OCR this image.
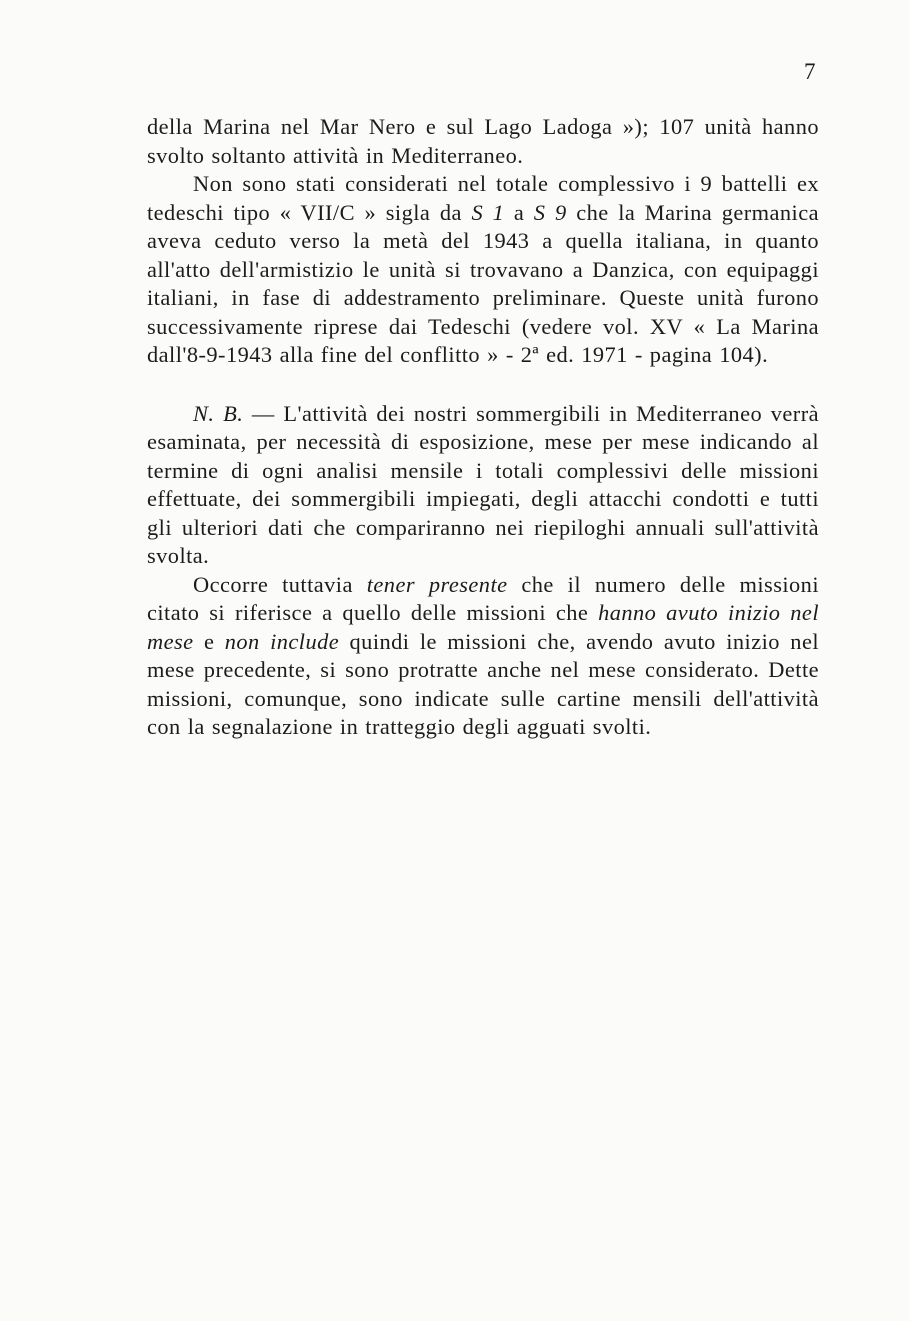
7

della Marina nel Mar Nero e sul Lago Ladoga »); 107 unità hanno svolto soltanto attività in Mediterraneo.

Non sono stati considerati nel totale complessivo i 9 battelli ex tedeschi tipo « VII/C » sigla da S 1 a S 9 che la Marina germanica aveva ceduto verso la metà del 1943 a quella italiana, in quanto all'atto dell'armistizio le unità si trovavano a Danzica, con equipaggi italiani, in fase di addestramento preliminare. Queste unità furono successivamente riprese dai Tedeschi (vedere vol. XV « La Marina dall'8-9-1943 alla fine del conflitto » - 2ª ed. 1971 - pagina 104).

N. B. — L'attività dei nostri sommergibili in Mediterraneo verrà esaminata, per necessità di esposizione, mese per mese indicando al termine di ogni analisi mensile i totali complessivi delle missioni effettuate, dei sommergibili impiegati, degli attacchi condotti e tutti gli ulteriori dati che compariranno nei riepiloghi annuali sull'attività svolta.

Occorre tuttavia tener presente che il numero delle missioni citato si riferisce a quello delle missioni che hanno avuto inizio nel mese e non include quindi le missioni che, avendo avuto inizio nel mese precedente, si sono protratte anche nel mese considerato. Dette missioni, comunque, sono indicate sulle cartine mensili dell'attività con la segnalazione in tratteggio degli agguati svolti.
